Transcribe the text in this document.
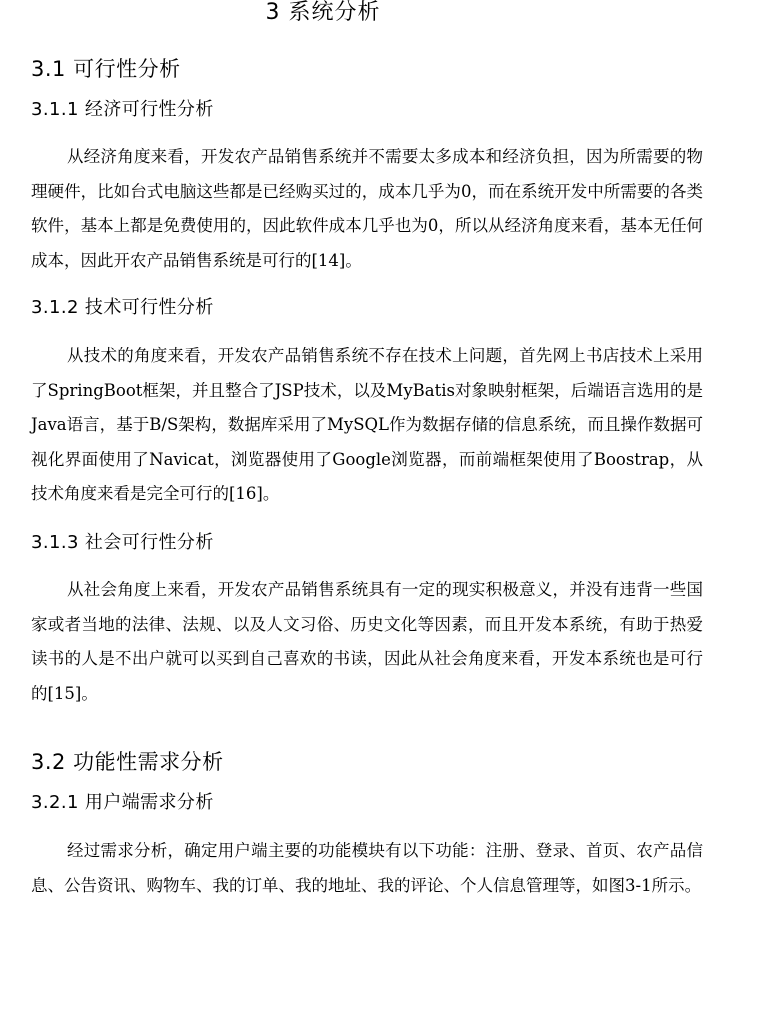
3 系统分析
3.1 可行性分析
3.1.1 经济可行性分析

从经济角度来看，开发农产品销售系统并不需要太多成本和经济负担，因为所需要的物理硬件，比如台式电脑这些都是已经购买过的，成本几乎为0，而在系统开发中所需要的各类软件，基本上都是免费使用的，因此软件成本几乎也为0，所以从经济角度来看，基本无任何成本，因此开农产品销售系统是可行的[14]。

3.1.2 技术可行性分析

从技术的角度来看，开发农产品销售系统不存在技术上问题，首先网上书店技术上采用了SpringBoot框架，并且整合了JSP技术，以及MyBatis对象映射框架，后端语言选用的是Java语言，基于B/S架构，数据库采用了MySQL作为数据存储的信息系统，而且操作数据可视化界面使用了Navicat，浏览器使用了Google浏览器，而前端框架使用了Boostrap，从技术角度来看是完全可行的[16]。

3.1.3 社会可行性分析

从社会角度上来看，开发农产品销售系统具有一定的现实积极意义，并没有违背一些国家或者当地的法律、法规、以及人文习俗、历史文化等因素，而且开发本系统，有助于热爱读书的人是不出户就可以买到自己喜欢的书读，因此从社会角度来看，开发本系统也是可行的[15]。

3.2 功能性需求分析
3.2.1 用户端需求分析

经过需求分析，确定用户端主要的功能模块有以下功能：注册、登录、首页、农产品信息、公告资讯、购物车、我的订单、我的地址、我的评论、个人信息管理等，如图3-1所示。
